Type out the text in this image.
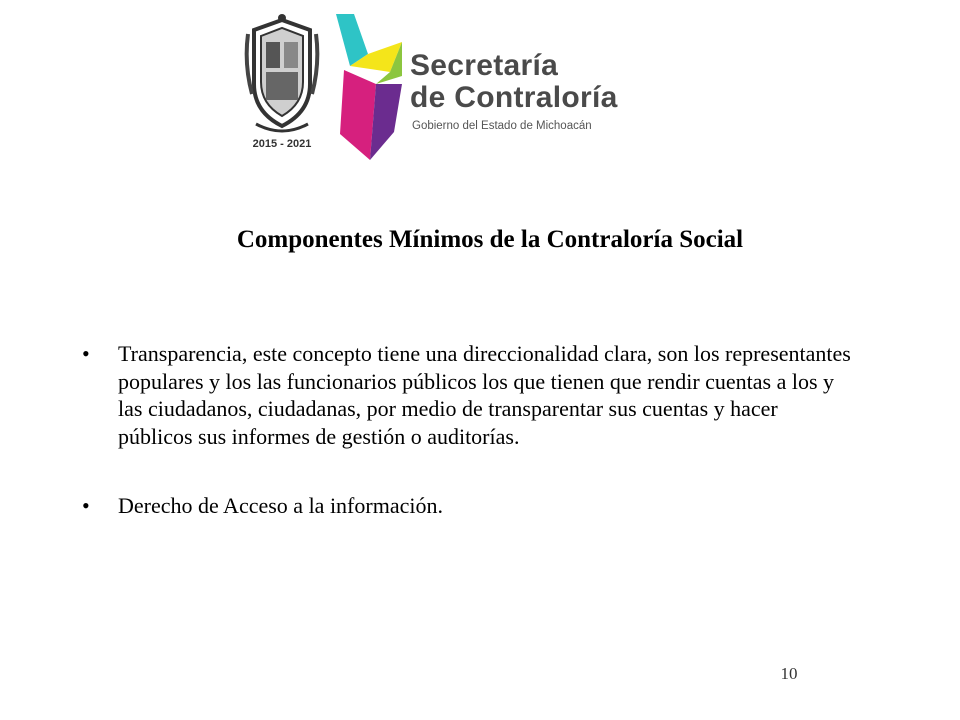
2015 - 2021
Secretaría
de Contraloría
Gobierno del Estado de Michoacán
Componentes Mínimos de la Contraloría Social
• Transparencia, este concepto tiene una direccionalidad clara, son los representantes populares y los las funcionarios públicos los que tienen que rendir cuentas a los y las ciudadanos, ciudadanas, por medio de transparentar sus cuentas y hacer públicos sus informes de gestión o auditorías.
• Derecho de Acceso a la información.
10
